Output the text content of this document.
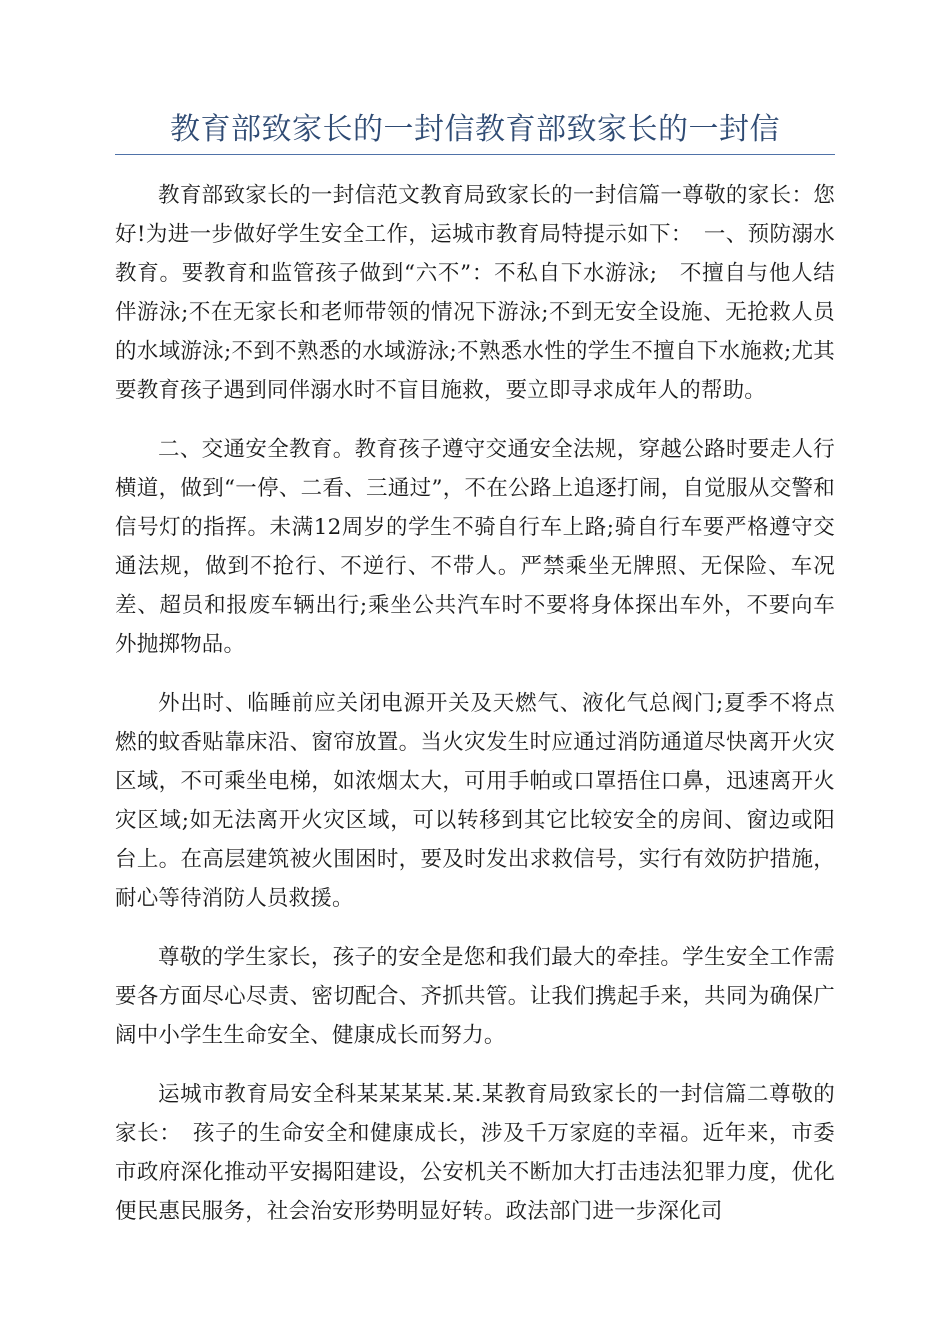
教育部致家长的一封信教育部致家长的一封信

教育部致家长的一封信范文教育局致家长的一封信篇一尊敬的家长：您好!为进一步做好学生安全工作，运城市教育局特提示如下：　一、预防溺水教育。要教育和监管孩子做到“六不”：不私自下水游泳;　不擅自与他人结伴游泳;不在无家长和老师带领的情况下游泳;不到无安全设施、无抢救人员的水域游泳;不到不熟悉的水域游泳;不熟悉水性的学生不擅自下水施救;尤其要教育孩子遇到同伴溺水时不盲目施救，要立即寻求成年人的帮助。

二、交通安全教育。教育孩子遵守交通安全法规，穿越公路时要走人行横道，做到“一停、二看、三通过”，不在公路上追逐打闹，自觉服从交警和信号灯的指挥。未满12周岁的学生不骑自行车上路;骑自行车要严格遵守交通法规，做到不抢行、不逆行、不带人。严禁乘坐无牌照、无保险、车况差、超员和报废车辆出行;乘坐公共汽车时不要将身体探出车外，不要向车外抛掷物品。

外出时、临睡前应关闭电源开关及天燃气、液化气总阀门;夏季不将点燃的蚊香贴靠床沿、窗帘放置。当火灾发生时应通过消防通道尽快离开火灾区域，不可乘坐电梯，如浓烟太大，可用手帕或口罩捂住口鼻，迅速离开火灾区域;如无法离开火灾区域，可以转移到其它比较安全的房间、窗边或阳台上。在高层建筑被火围困时，要及时发出求救信号，实行有效防护措施，耐心等待消防人员救援。

尊敬的学生家长，孩子的安全是您和我们最大的牵挂。学生安全工作需要各方面尽心尽责、密切配合、齐抓共管。让我们携起手来，共同为确保广阔中小学生生命安全、健康成长而努力。

运城市教育局安全科某某某某.某.某教育局致家长的一封信篇二尊敬的家长：　孩子的生命安全和健康成长，涉及千万家庭的幸福。近年来，市委市政府深化推动平安揭阳建设，公安机关不断加大打击违法犯罪力度，优化便民惠民服务，社会治安形势明显好转。政法部门进一步深化司
